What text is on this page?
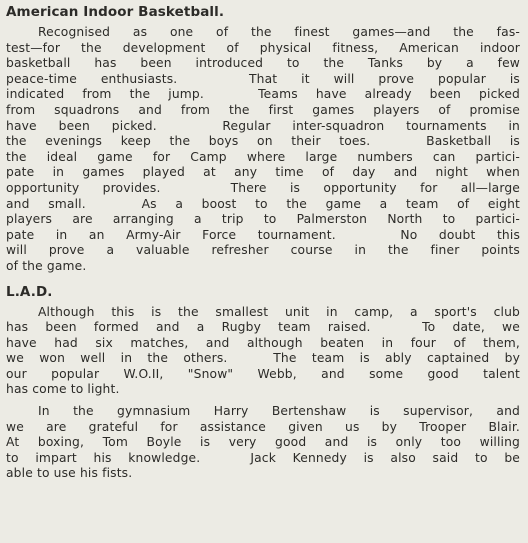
American Indoor Basketball.
Recognised as one of the finest games—and the fas-
test—for the development of physical fitness, American indoor
basketball has been introduced to the Tanks by a few
peace-time enthusiasts.   That it will prove popular is
indicated from the jump.   Teams have already been picked
from squadrons and from the first games players of promise
have been picked.   Regular inter-squadron tournaments in
the evenings keep the boys on their toes.   Basketball is
the ideal game for Camp where large numbers can partici-
pate in games played at any time of day and night when
opportunity provides.   There is opportunity for all—large
and small.   As a boost to the game a team of eight
players are arranging a trip to Palmerston North to partici-
pate in an Army-Air Force tournament.   No doubt this
will prove a valuable refresher course in the finer points
of the game.
L.A.D.
Although this is the smallest unit in camp, a sport's club
has been formed and a Rugby team raised.   To date, we
have had six matches, and although beaten in four of them,
we won well in the others.   The team is ably captained by
our popular W.O.II, "Snow" Webb, and some good talent
has come to light.
In the gymnasium Harry Bertenshaw is supervisor, and
we are grateful for assistance given us by Trooper Blair.
At boxing, Tom Boyle is very good and is only too willing
to impart his knowledge.   Jack Kennedy is also said to be
able to use his fists.
